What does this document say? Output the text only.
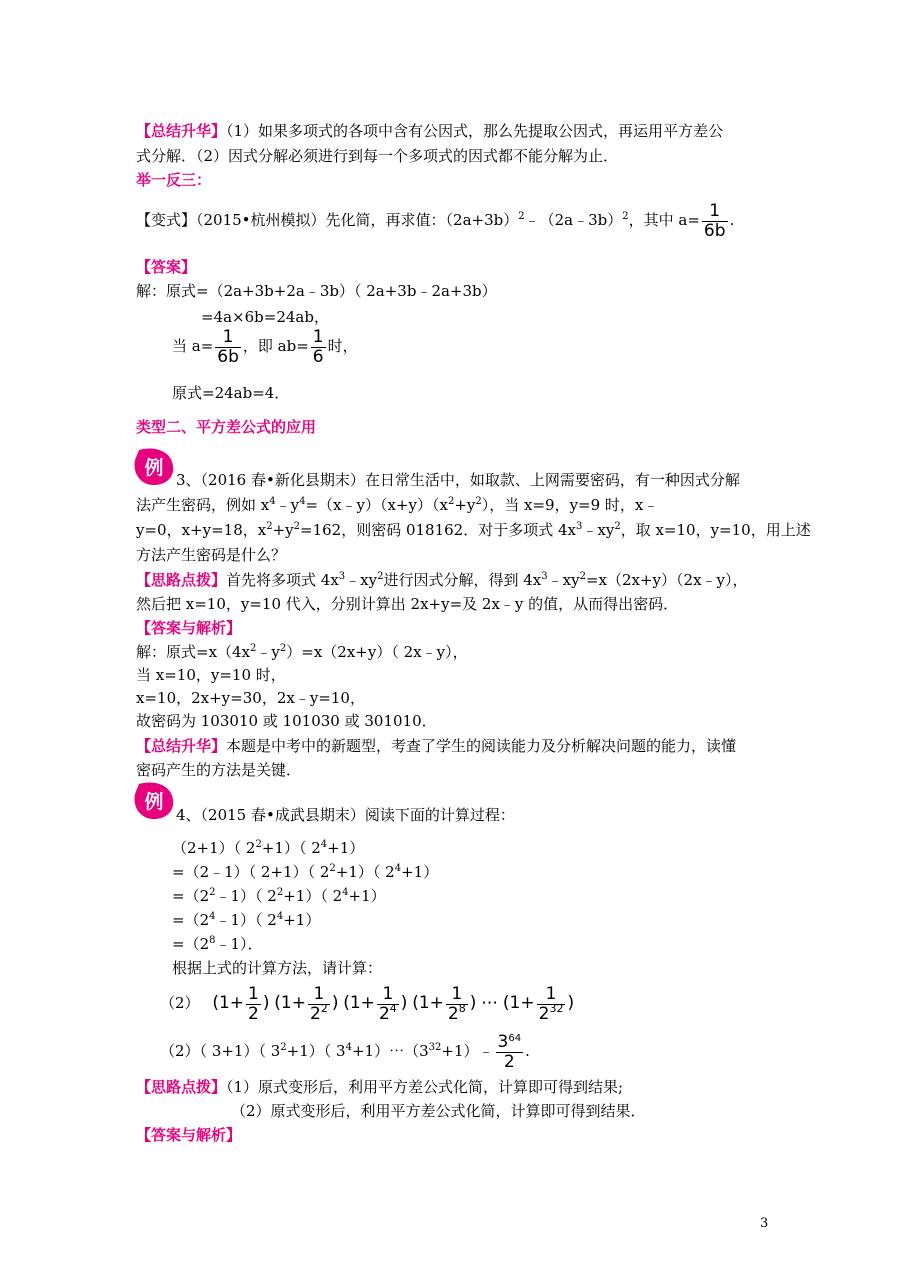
【总结升华】（1）如果多项式的各项中含有公因式，那么先提取公因式，再运用平方差公
式分解．（2）因式分解必须进行到每一个多项式的因式都不能分解为止．
举一反三：
【变式】（2015•杭州模拟）先化简，再求值：$(2a+3b)^2﹣(2a﹣3b)^2$，其中 $a= \frac{1}{6b}$ .
【答案】
解：原式=（2a+3b+2a﹣3b）（ 2a+3b﹣2a+3b）
=4a×6b=24ab，
当 $a= \frac{1}{6b}$ ，即 $ab= \frac{1}{6}$ 时，
原式=24ab=4．
类型二、平方差公式的应用
例
3、（2016 春•新化县期末）在日常生活中，如取款、上网需要密码，有一种因式分解
法产生密码，例如 $x^4﹣y^4=(x﹣y)(x+y)(x^2+y^2)$，当 x=9，y=9 时，x﹣
y=0，x+y=18，$x^2+y^2=162$，则密码 018162．对于多项式 $4x^3﹣xy^2$，取 x=10，y=10，用上述
方法产生密码是什么？
【思路点拨】首先将多项式 $4x^3﹣xy^2$进行因式分解，得到 $4x^3﹣xy^2=x(2x+y)(2x﹣y)$，
然后把 x=10，y=10 代入，分别计算出 2x+y=及 2x﹣y 的值，从而得出密码．
【答案与解析】
解：原式$=x(4x^2﹣y^2)=x(2x+y)$（ 2x﹣y），
当 x=10，y=10 时，
x=10，2x+y=30，2x﹣y=10，
故密码为 103010 或 101030 或 301010．
【总结升华】本题是中考中的新题型，考查了学生的阅读能力及分析解决问题的能力，读懂
密码产生的方法是关键．
例
4、（2015 春•成武县期末）阅读下面的计算过程：
（2+1）（ $2^2+1$）（ $2^4+1$）
=（2﹣1）（ 2+1）（ $2^2+1$）（ $2^4+1$）
$=(2^2﹣1)$（ $2^2+1$）（ $2^4+1$）
$=(2^4﹣1)$（ $2^4+1$）
$=(2^8﹣1)$．
根据上式的计算方法，请计算：
（2） ($1+ \frac{1}{2}$ ) ($1+ \frac{1}{2^2}$ ) ($1+ \frac{1}{2^4}$ ) ($1+ \frac{1}{2^8}$ ) ⋯ ($1+ \frac{1}{2^{32}}$ )
（2）（ 3+1）（ $3^2+1$）（ $3^4+1)\cdots(3^{32}+1)﹣ \frac{3^{64}}{2}$ .
【思路点拨】（1）原式变形后，利用平方差公式化简，计算即可得到结果;
（2）原式变形后，利用平方差公式化简，计算即可得到结果．
【答案与解析】
3
